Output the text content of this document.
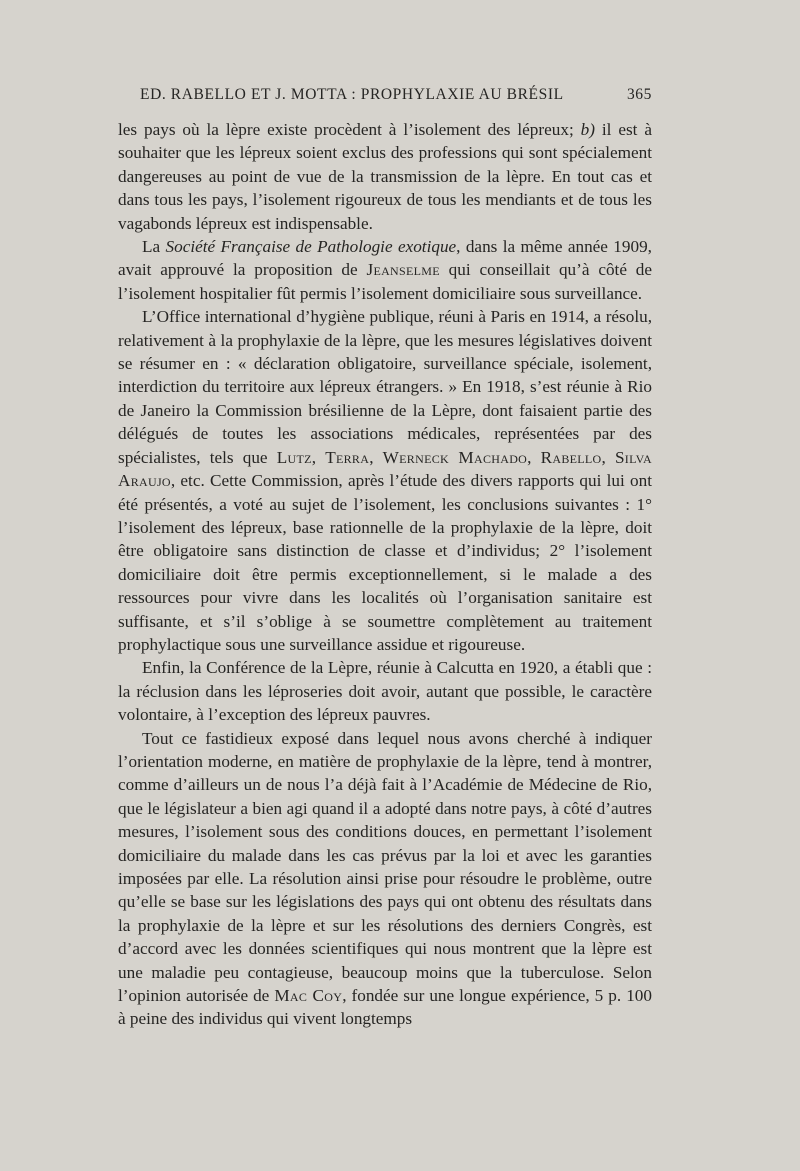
ED. RABELLO ET J. MOTTA : PROPHYLAXIE AU BRÉSIL	365

les pays où la lèpre existe procèdent à l’isolement des lépreux; b) il est à souhaiter que les lépreux soient exclus des professions qui sont spécialement dangereuses au point de vue de la transmission de la lèpre. En tout cas et dans tous les pays, l’isolement rigoureux de tous les mendiants et de tous les vagabonds lépreux est indispensable.

La Société Française de Pathologie exotique, dans la même année 1909, avait approuvé la proposition de Jeanselme qui conseillait qu’à côté de l’isolement hospitalier fût permis l’isolement domiciliaire sous surveillance.

L’Office international d’hygiène publique, réuni à Paris en 1914, a résolu, relativement à la prophylaxie de la lèpre, que les mesures législatives doivent se résumer en : « déclaration obligatoire, surveillance spéciale, isolement, interdiction du territoire aux lépreux étrangers. » En 1918, s’est réunie à Rio de Janeiro la Commission brésilienne de la Lèpre, dont faisaient partie des délégués de toutes les associations médicales, représentées par des spécialistes, tels que Lutz, Terra, Werneck Machado, Rabello, Silva Araujo, etc. Cette Commission, après l’étude des divers rapports qui lui ont été présentés, a voté au sujet de l’isolement, les conclusions suivantes : 1° l’isolement des lépreux, base rationnelle de la prophylaxie de la lèpre, doit être obligatoire sans distinction de classe et d’individus; 2° l’isolement domiciliaire doit être permis exceptionnellement, si le malade a des ressources pour vivre dans les localités où l’organisation sanitaire est suffisante, et s’il s’oblige à se soumettre complètement au traitement prophylactique sous une surveillance assidue et rigoureuse.

Enfin, la Conférence de la Lèpre, réunie à Calcutta en 1920, a établi que : la réclusion dans les léproseries doit avoir, autant que possible, le caractère volontaire, à l’exception des lépreux pauvres.

Tout ce fastidieux exposé dans lequel nous avons cherché à indiquer l’orientation moderne, en matière de prophylaxie de la lèpre, tend à montrer, comme d’ailleurs un de nous l’a déjà fait à l’Académie de Médecine de Rio, que le législateur a bien agi quand il a adopté dans notre pays, à côté d’autres mesures, l’isolement sous des conditions douces, en permettant l’isolement domiciliaire du malade dans les cas prévus par la loi et avec les garanties imposées par elle. La résolution ainsi prise pour résoudre le problème, outre qu’elle se base sur les législations des pays qui ont obtenu des résultats dans la prophylaxie de la lèpre et sur les résolutions des derniers Congrès, est d’accord avec les données scientifiques qui nous montrent que la lèpre est une maladie peu contagieuse, beaucoup moins que la tuberculose. Selon l’opinion autorisée de Mac Coy, fondée sur une longue expérience, 5 p. 100 à peine des individus qui vivent longtemps
